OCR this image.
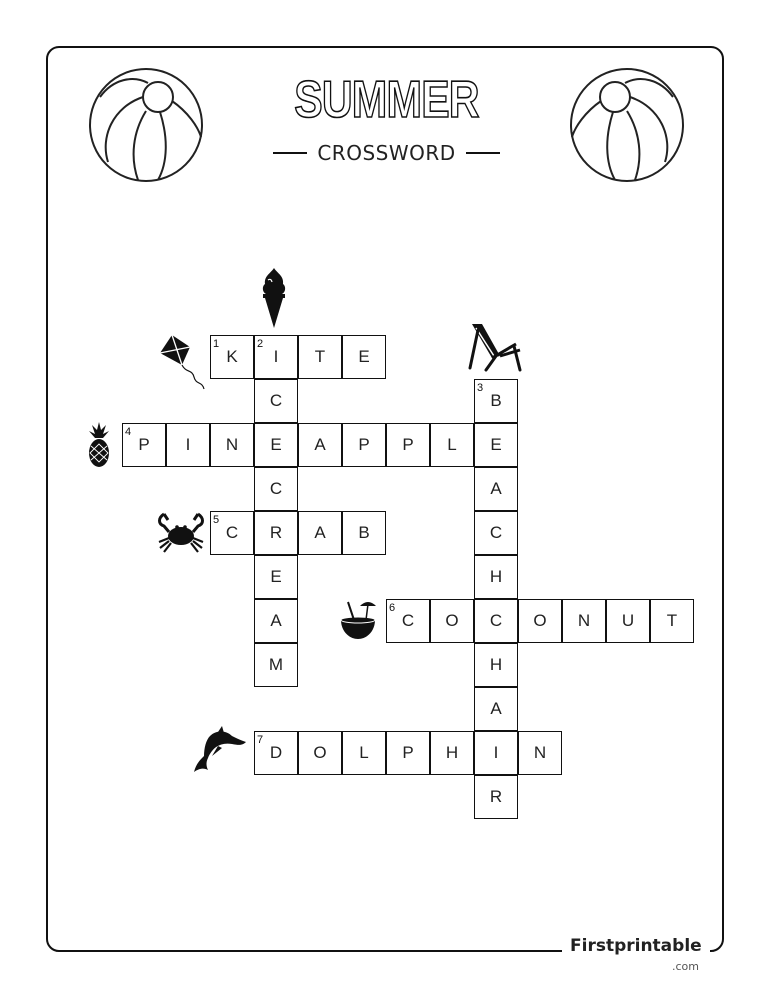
SUMMER
CROSSWORD
K	I	T	E
1
C
E
C
R
E
A
M
2
B
E
A
C
H
C
H
A
I
R
3
P	I	N	A	P	P	L
4
C	A	B
5
C	O	O	N	U	T
6
D	O	L	P	H	N
7
Firstprintable
.com
